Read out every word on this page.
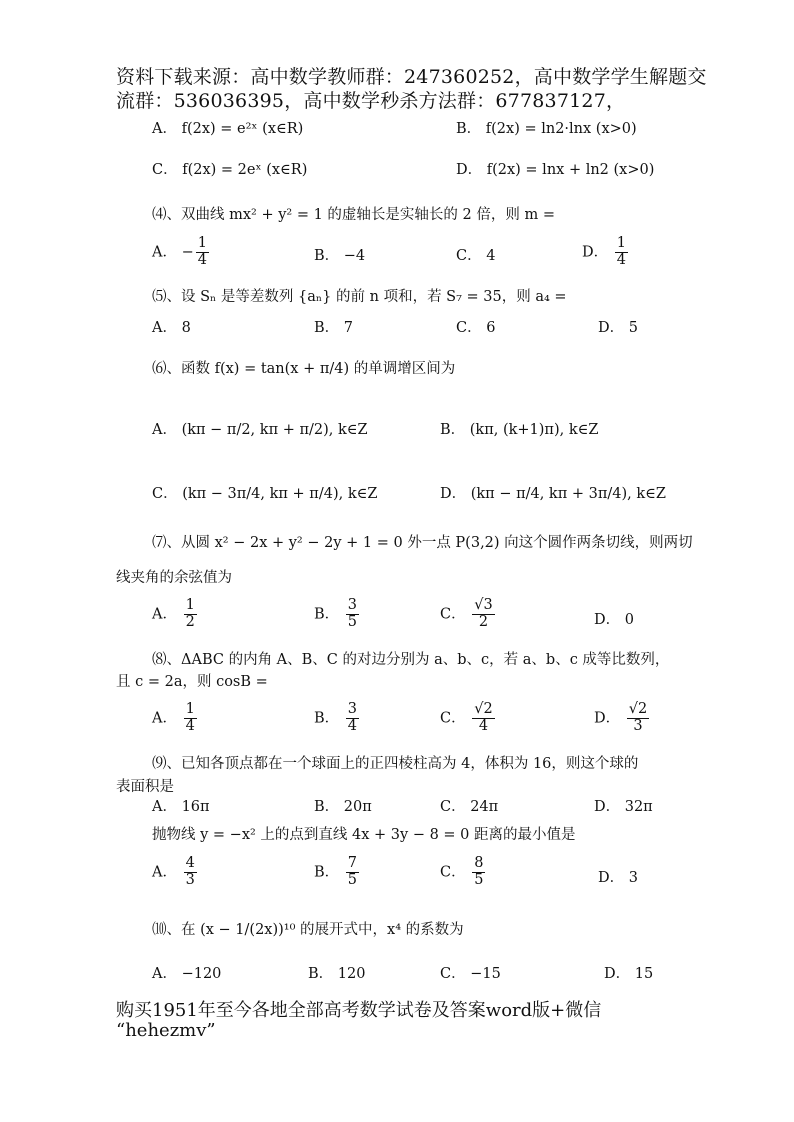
资料下载来源：高中数学教师群：247360252，高中数学学生解题交
流群：536036395，高中数学秒杀方法群：677837127，
A． f(2x) = e²ˣ (x∈R)	B． f(2x) = ln2·lnx (x>0)
C． f(2x) = 2eˣ (x∈R)	D． f(2x) = lnx + ln2 (x>0)
⑷、双曲线 mx² + y² = 1 的虚轴长是实轴长的 2 倍，则 m =
A． − $\frac{1}{4}$	B． −4	C． 4	D． $\frac{1}{4}$
⑸、设 Sₙ 是等差数列 {aₙ} 的前 n 项和，若 S₇ = 35，则 a₄ =
A． 8	B． 7	C． 6	D． 5
⑹、函数 f(x) = tan(x + π/4) 的单调增区间为
A． (kπ − π/2, kπ + π/2), k∈Z	B． (kπ, (k+1)π), k∈Z
C． (kπ − 3π/4, kπ + π/4), k∈Z	D． (kπ − π/4, kπ + 3π/4), k∈Z
⑺、从圆 x² − 2x + y² − 2y + 1 = 0 外一点 P(3,2) 向这个圆作两条切线，则两切
线夹角的余弦值为
A． $\frac{1}{2}$	B． $\frac{3}{5}$	C． $\frac{√3}{2}$	D． 0
⑻、ΔABC 的内角 A、B、C 的对边分别为 a、b、c，若 a、b、c 成等比数列，
且 c = 2a，则 cosB =
A． $\frac{1}{4}$	B． $\frac{3}{4}$	C． $\frac{√2}{4}$	D． $\frac{√2}{3}$
⑼、已知各顶点都在一个球面上的正四棱柱高为 4，体积为 16，则这个球的
表面积是
A． 16π	B． 20π	C． 24π	D． 32π
抛物线 y = −x² 上的点到直线 4x + 3y − 8 = 0 距离的最小值是
A． $\frac{4}{3}$	B． $\frac{7}{5}$	C． $\frac{8}{5}$	D． 3
⑽、在 (x − 1/(2x))¹⁰ 的展开式中，x⁴ 的系数为
A． −120	B． 120	C． −15	D． 15
购买1951年至今各地全部高考数学试卷及答案word版+微信
“hehezmv”
